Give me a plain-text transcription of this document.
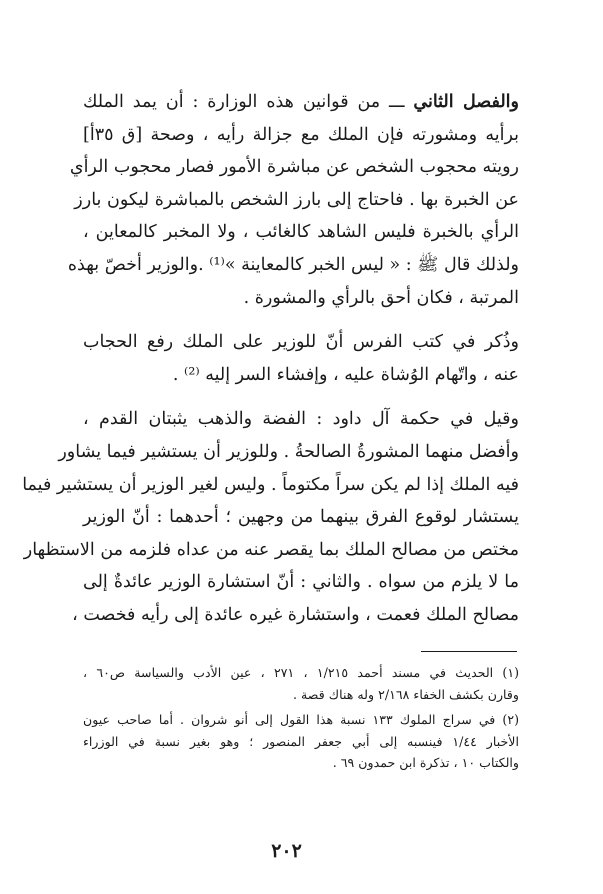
والفصل الثاني ـــ من قوانين هذه الوزارة : أن يمد الملك
برأيه ومشورته فإن الملك مع جزالة رأيه ، وصحة [ق ٣٥أ]
رويته محجوب الشخص عن مباشرة الأمور فصار محجوب الرأي
عن الخبرة بها . فاحتاج إلى بارز الشخص بالمباشرة ليكون بارز
الرأي بالخبرة فليس الشاهد كالغائب ، ولا المخبر كالمعاين ،
ولذلك قال ﷺ : « ليس الخبر كالمعاينة »⁽¹⁾ .والوزير أخصّ بهذه
المرتبة ، فكان أحق بالرأي والمشورة .

وذُكر في كتب الفرس أنّ للوزير على الملك رفع الحجاب
عنه ، واتّهام الوُشاة عليه ، وإفشاء السر إليه ⁽²⁾ .

وقيل في حكمة آل داود : الفضة والذهب يثبتان القدم ،
وأفضل منهما المشورةُ الصالحةُ . وللوزير أن يستشير فيما يشاور
فيه الملك إذا لم يكن سراً مكتوماً . وليس لغير الوزير أن يستشير فيما
يستشار لوقوع الفرق بينهما من وجهين ؛ أحدهما : أنّ الوزير
مختص من مصالح الملك بما يقصر عنه من عداه فلزمه من الاستظهار
ما لا يلزم من سواه . والثاني : أنّ استشارة الوزير عائدةٌ إلى
مصالح الملك فعمت ، واستشارة غيره عائدة إلى رأيه فخصت ،

(١) الحديث في مسند أحمد ١/٢١٥ ، ٢٧١ ، عين الأدب والسياسة ص٦٠ ،
وقارن بكشف الخفاء ٢/١٦٨ وله هناك قصة .

(٢) في سراج الملوك ١٣٣ نسبة هذا القول إلى أنو شروان . أما صاحب عيون
الأخبار ١/٤٤ فينسبه إلى أبي جعفر المنصور ؛ وهو بغير نسبة في الوزراء
والكتاب ١٠ ، تذكرة ابن حمدون ٦٩ .

٢٠٢
